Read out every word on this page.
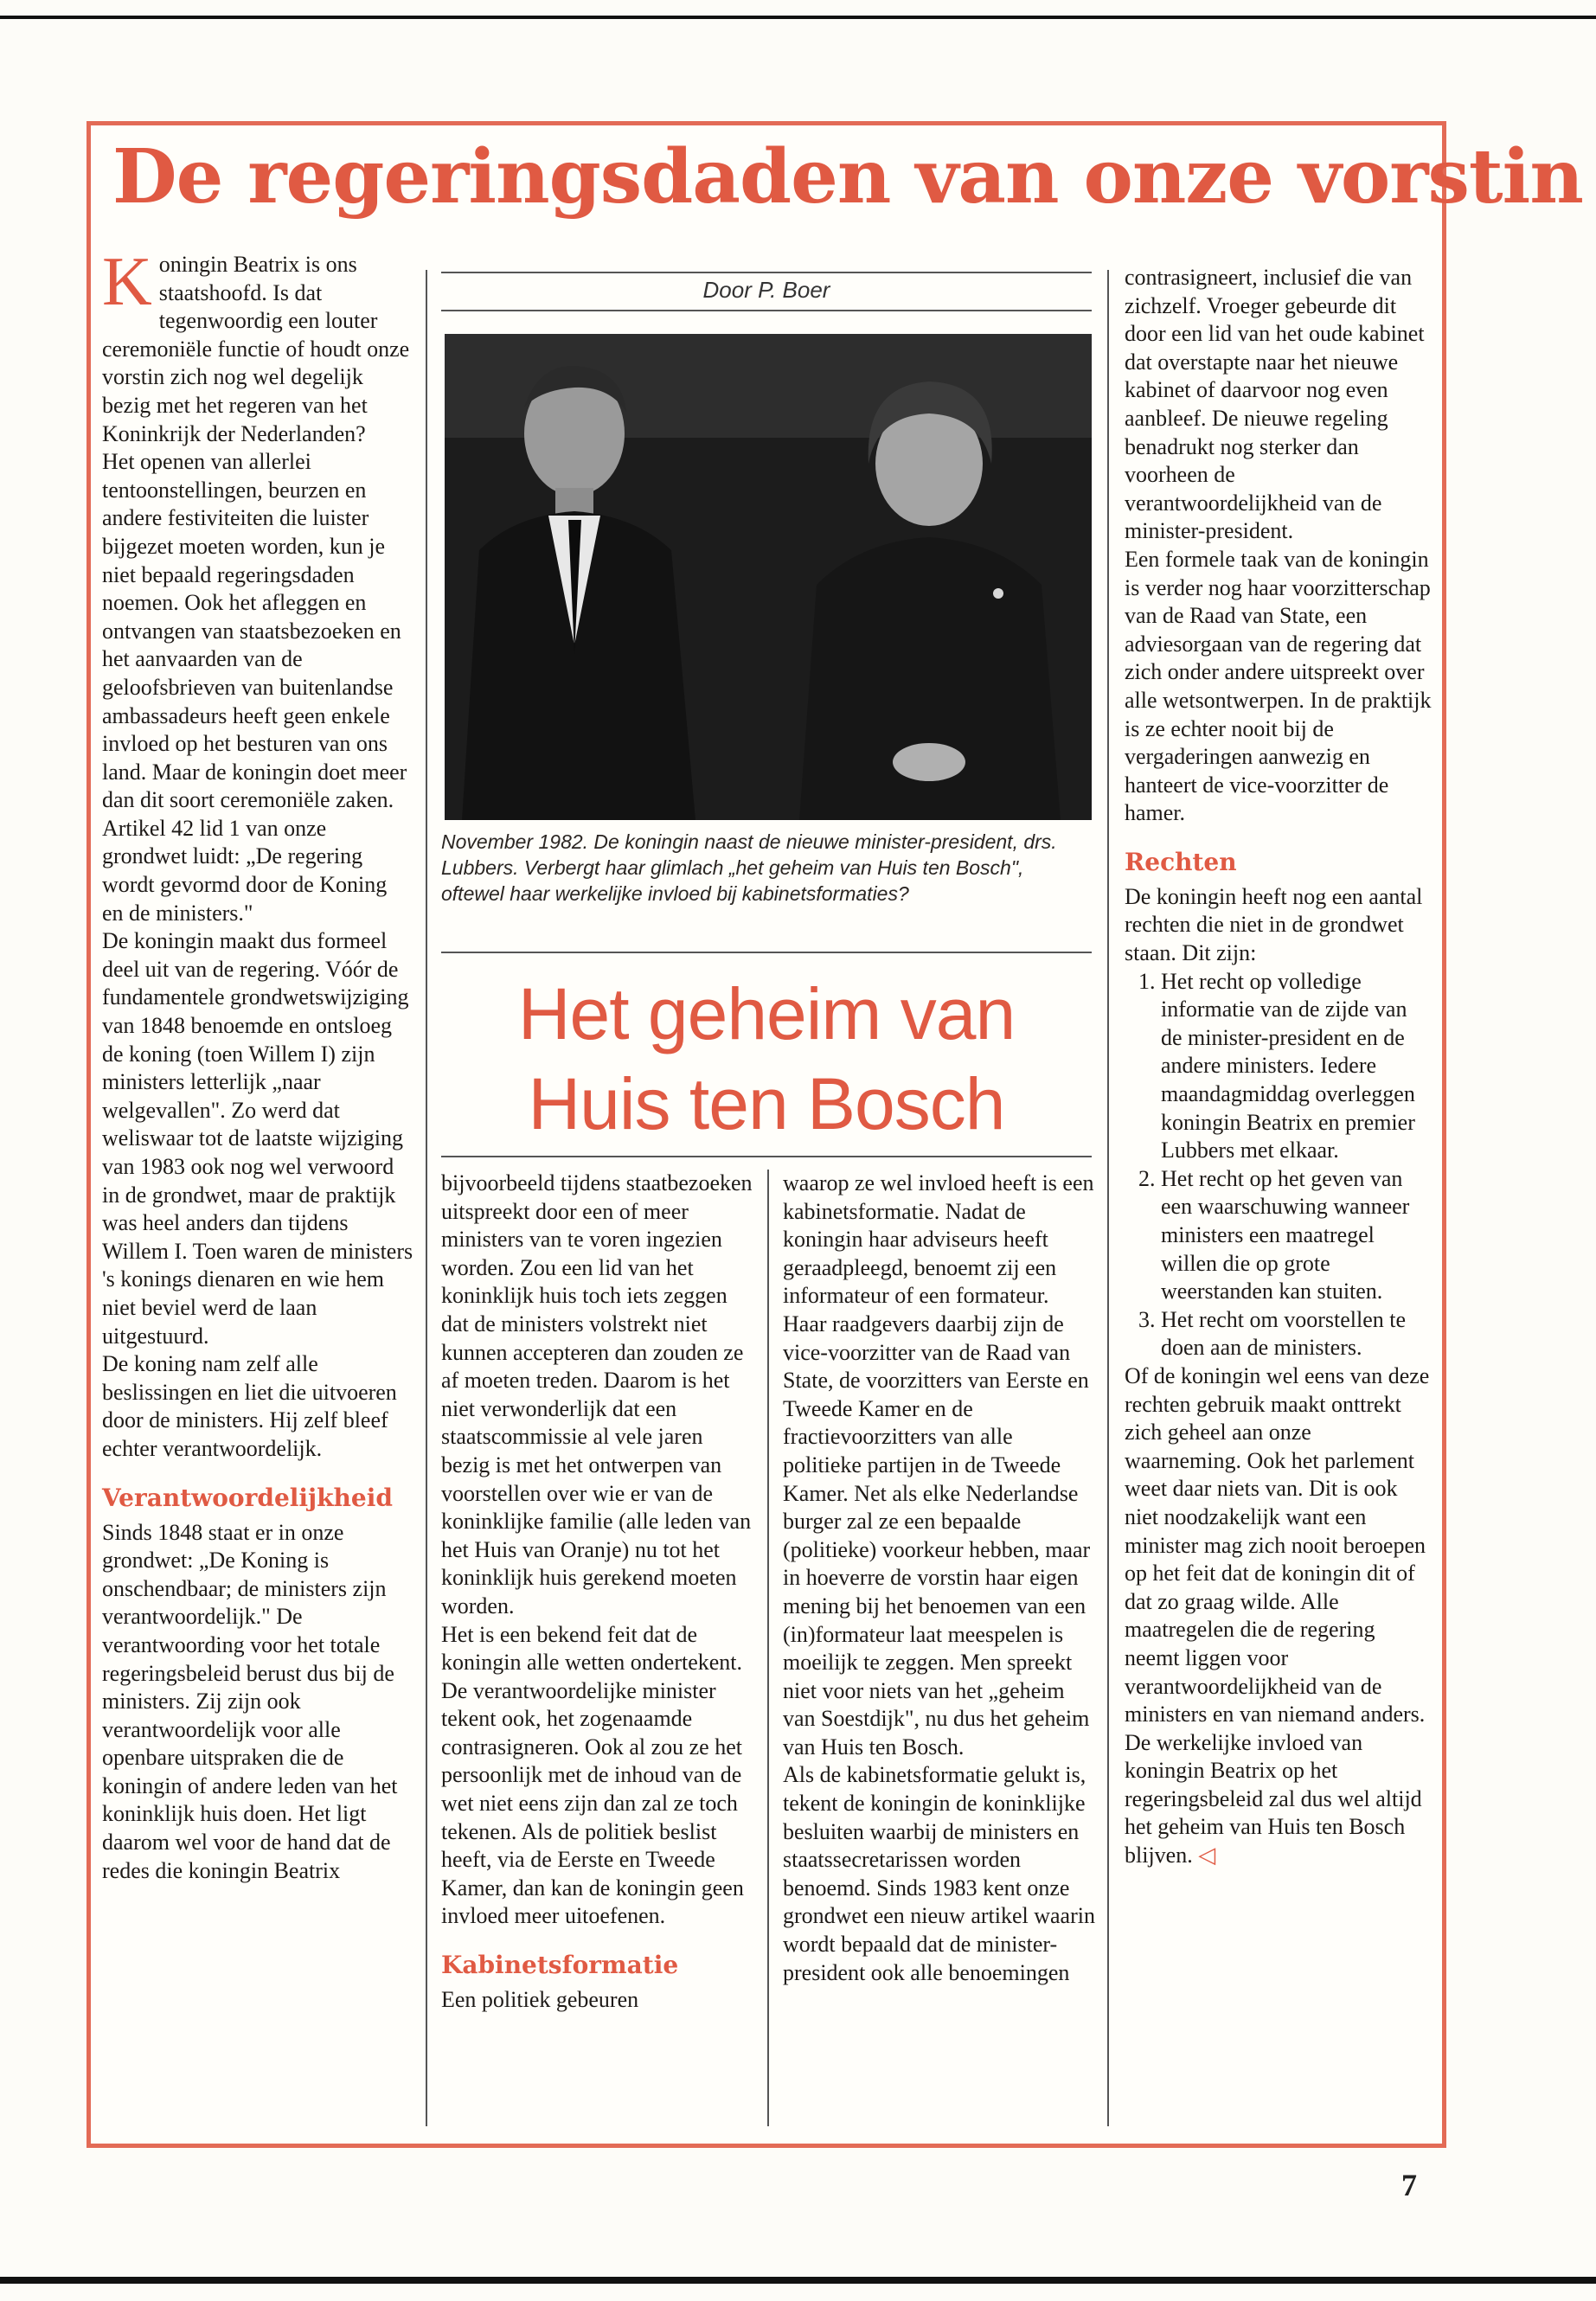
De regeringsdaden van onze vorstin

Koningin Beatrix is ons staatshoofd. Is dat tegenwoordig een louter ceremoniële functie of houdt onze vorstin zich nog wel degelijk bezig met het regeren van het Koninkrijk der Nederlanden?

Het openen van allerlei tentoonstellingen, beurzen en andere festiviteiten die luister bijgezet moeten worden, kun je niet bepaald regeringsdaden noemen. Ook het afleggen en ontvangen van staatsbezoeken en het aanvaarden van de geloofsbrieven van buitenlandse ambassadeurs heeft geen enkele invloed op het besturen van ons land. Maar de koningin doet meer dan dit soort ceremoniële zaken. Artikel 42 lid 1 van onze grondwet luidt: „De regering wordt gevormd door de Koning en de ministers."

De koningin maakt dus formeel deel uit van de regering. Vóór de fundamentele grondwetswijziging van 1848 benoemde en ontsloeg de koning (toen Willem I) zijn ministers letterlijk „naar welgevallen". Zo werd dat weliswaar tot de laatste wijziging van 1983 ook nog wel verwoord in de grondwet, maar de praktijk was heel anders dan tijdens Willem I. Toen waren de ministers 's konings dienaren en wie hem niet beviel werd de laan uitgestuurd.

De koning nam zelf alle beslissingen en liet die uitvoeren door de ministers. Hij zelf bleef echter verantwoordelijk.

Verantwoordelijkheid

Sinds 1848 staat er in onze grondwet: „De Koning is onschendbaar; de ministers zijn verantwoordelijk." De verantwoording voor het totale regeringsbeleid berust dus bij de ministers. Zij zijn ook verantwoordelijk voor alle openbare uitspraken die de koningin of andere leden van het koninklijk huis doen. Het ligt daarom wel voor de hand dat de redes die koningin Beatrix

Door P. Boer
November 1982. De koningin naast de nieuwe minister-president, drs. Lubbers. Verbergt haar glimlach „het geheim van Huis ten Bosch", oftewel haar werkelijke invloed bij kabinetsformaties?
Het geheim van Huis ten Bosch

bijvoorbeeld tijdens staatbezoeken uitspreekt door een of meer ministers van te voren ingezien worden. Zou een lid van het koninklijk huis toch iets zeggen dat de ministers volstrekt niet kunnen accepteren dan zouden ze af moeten treden. Daarom is het niet verwonderlijk dat een staatscommissie al vele jaren bezig is met het ontwerpen van voorstellen over wie er van de koninklijke familie (alle leden van het Huis van Oranje) nu tot het koninklijk huis gerekend moeten worden.

Het is een bekend feit dat de koningin alle wetten ondertekent. De verantwoordelijke minister tekent ook, het zogenaamde contrasigneren. Ook al zou ze het persoonlijk met de inhoud van de wet niet eens zijn dan zal ze toch tekenen. Als de politiek beslist heeft, via de Eerste en Tweede Kamer, dan kan de koningin geen invloed meer uitoefenen.

Kabinetsformatie

Een politiek gebeuren

waarop ze wel invloed heeft is een kabinetsformatie. Nadat de koningin haar adviseurs heeft geraadpleegd, benoemt zij een informateur of een formateur. Haar raadgevers daarbij zijn de vice-voorzitter van de Raad van State, de voorzitters van Eerste en Tweede Kamer en de fractievoorzitters van alle politieke partijen in de Tweede Kamer. Net als elke Nederlandse burger zal ze een bepaalde (politieke) voorkeur hebben, maar in hoeverre de vorstin haar eigen mening bij het benoemen van een (in)formateur laat meespelen is moeilijk te zeggen. Men spreekt niet voor niets van het „geheim van Soestdijk", nu dus het geheim van Huis ten Bosch.

Als de kabinetsformatie gelukt is, tekent de koningin de koninklijke besluiten waarbij de ministers en staatssecretarissen worden benoemd. Sinds 1983 kent onze grondwet een nieuw artikel waarin wordt bepaald dat de minister-president ook alle benoemingen

contrasigneert, inclusief die van zichzelf. Vroeger gebeurde dit door een lid van het oude kabinet dat overstapte naar het nieuwe kabinet of daarvoor nog even aanbleef. De nieuwe regeling benadrukt nog sterker dan voorheen de verantwoordelijkheid van de minister-president.

Een formele taak van de koningin is verder nog haar voorzitterschap van de Raad van State, een adviesorgaan van de regering dat zich onder andere uitspreekt over alle wetsontwerpen. In de praktijk is ze echter nooit bij de vergaderingen aanwezig en hanteert de vice-voorzitter de hamer.

Rechten

De koningin heeft nog een aantal rechten die niet in de grondwet staan. Dit zijn:

1. Het recht op volledige informatie van de zijde van de minister-president en de andere ministers. Iedere maandagmiddag overleggen koningin Beatrix en premier Lubbers met elkaar.
2. Het recht op het geven van een waarschuwing wanneer ministers een maatregel willen die op grote weerstanden kan stuiten.
3. Het recht om voorstellen te doen aan de ministers.

Of de koningin wel eens van deze rechten gebruik maakt onttrekt zich geheel aan onze waarneming. Ook het parlement weet daar niets van. Dit is ook niet noodzakelijk want een minister mag zich nooit beroepen op het feit dat de koningin dit of dat zo graag wilde. Alle maatregelen die de regering neemt liggen voor verantwoordelijkheid van de ministers en van niemand anders. De werkelijke invloed van koningin Beatrix op het regeringsbeleid zal dus wel altijd het geheim van Huis ten Bosch blijven. ◁

7
